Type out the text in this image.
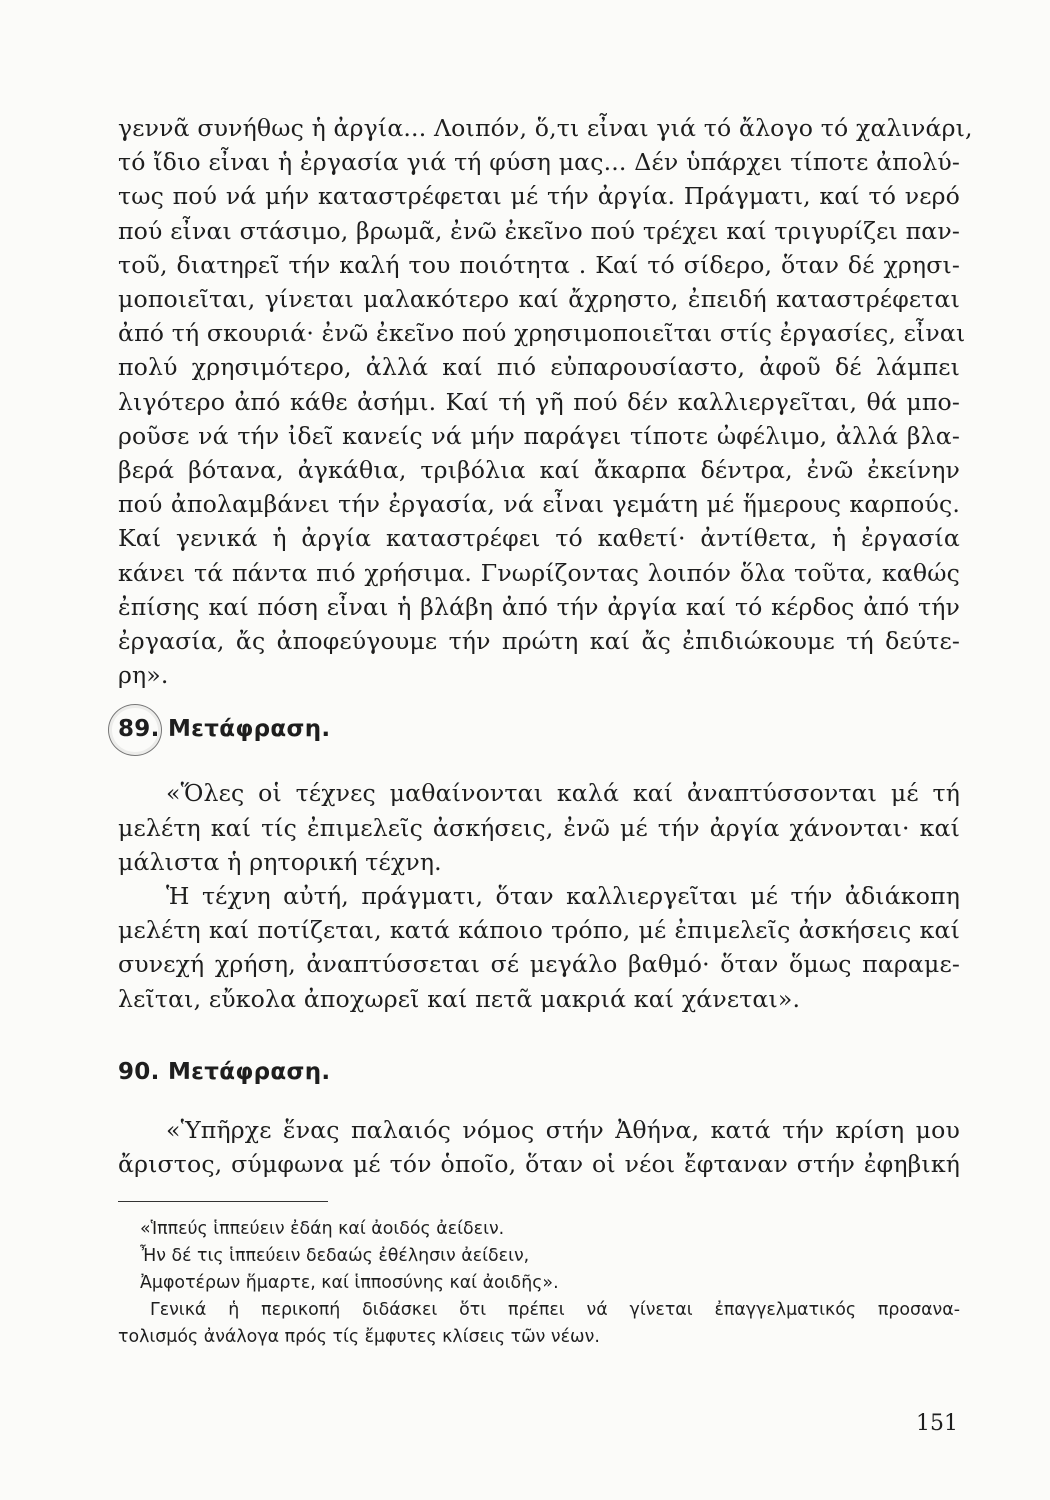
γεννᾶ συνήθως ἡ ἀργία... Λοιπόν, ὅ,τι εἶναι γιά τό ἄλογο τό χαλινάρι,
τό ἴδιο εἶναι ἡ ἐργασία γιά τή φύση μας... Δέν ὑπάρχει τίποτε ἀπολύ-
τως πού νά μήν καταστρέφεται μέ τήν ἀργία. Πράγματι, καί τό νερό
πού εἶναι στάσιμο, βρωμᾶ, ἐνῶ ἐκεῖνο πού τρέχει καί τριγυρίζει παν-
τοῦ, διατηρεῖ τήν καλή του ποιότητα . Καί τό σίδερο, ὅταν δέ χρησι-
μοποιεῖται, γίνεται μαλακότερο καί ἄχρηστο, ἐπειδή καταστρέφεται
ἀπό τή σκουριά· ἐνῶ ἐκεῖνο πού χρησιμοποιεῖται στίς ἐργασίες, εἶναι
πολύ χρησιμότερο, ἀλλά καί πιό εὐπαρουσίαστο, ἀφοῦ δέ λάμπει
λιγότερο ἀπό κάθε ἀσήμι. Καί τή γῆ πού δέν καλλιεργεῖται, θά μπο-
ροῦσε νά τήν ἰδεῖ κανείς νά μήν παράγει τίποτε ὠφέλιμο, ἀλλά βλα-
βερά βότανα, ἀγκάθια, τριβόλια καί ἄκαρπα δέντρα, ἐνῶ ἐκείνην
πού ἀπολαμβάνει τήν ἐργασία, νά εἶναι γεμάτη μέ ἥμερους καρπούς.
Καί γενικά ἡ ἀργία καταστρέφει τό καθετί· ἀντίθετα, ἡ ἐργασία
κάνει τά πάντα πιό χρήσιμα. Γνωρίζοντας λοιπόν ὅλα τοῦτα, καθώς
ἐπίσης καί πόση εἶναι ἡ βλάβη ἀπό τήν ἀργία καί τό κέρδος ἀπό τήν
ἐργασία, ἄς ἀποφεύγουμε τήν πρώτη καί ἄς ἐπιδιώκουμε τή δεύτε-
ρη».

89. Μετάφραση.

«Ὅλες οἱ τέχνες μαθαίνονται καλά καί ἀναπτύσσονται μέ τή
μελέτη καί τίς ἐπιμελεῖς ἀσκήσεις, ἐνῶ μέ τήν ἀργία χάνονται· καί
μάλιστα ἡ ρητορική τέχνη.

Ἡ τέχνη αὐτή, πράγματι, ὅταν καλλιεργεῖται μέ τήν ἀδιάκοπη
μελέτη καί ποτίζεται, κατά κάποιο τρόπο, μέ ἐπιμελεῖς ἀσκήσεις καί
συνεχή χρήση, ἀναπτύσσεται σέ μεγάλο βαθμό· ὅταν ὅμως παραμε-
λεῖται, εὔκολα ἀποχωρεῖ καί πετᾶ μακριά καί χάνεται».

90. Μετάφραση.

«Ὑπῆρχε ἕνας παλαιός νόμος στήν Ἀθήνα, κατά τήν κρίση μου
ἄριστος, σύμφωνα μέ τόν ὁποῖο, ὅταν οἱ νέοι ἔφταναν στήν ἐφηβική

«Ἱππεύς ἱππεύειν ἐδάη καί ἀοιδός ἀείδειν.
Ἦν δέ τις ἱππεύειν δεδαώς ἐθέλησιν ἀείδειν,
Ἀμφοτέρων ἥμαρτε, καί ἱπποσύνης καί ἀοιδῆς».
Γενικά ἡ περικοπή διδάσκει ὅτι πρέπει νά γίνεται ἐπαγγελματικός προσανα-
τολισμός ἀνάλογα πρός τίς ἔμφυτες κλίσεις τῶν νέων.

151
